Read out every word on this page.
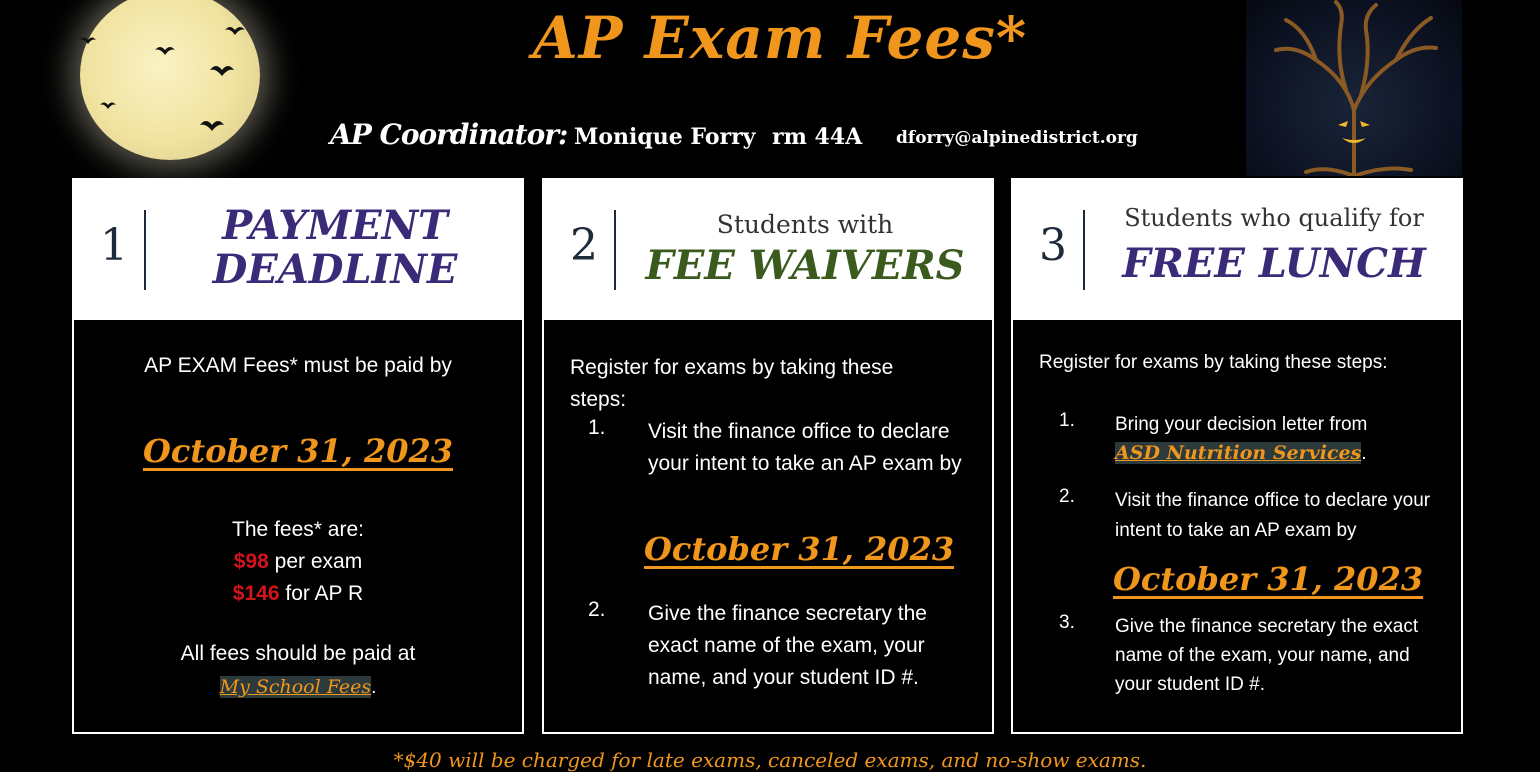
AP Exam Fees*
AP Coordinator: Monique Forry rm 44A dforry@alpinedistrict.org
1	PAYMENT
DEADLINE
AP EXAM Fees* must be paid by
October 31, 2023
The fees* are:
$98 per exam
$146 for AP R
All fees should be paid at
My School Fees.
2	Students with
FEE WAIVERS
Register for exams by taking these steps:
1. Visit the finance office to declare your intent to take an AP exam by
October 31, 2023
2. Give the finance secretary the exact name of the exam, your name, and your student ID #.
3
Students who qualify for
FREE LUNCH
Register for exams by taking these steps:
1. Bring your decision letter from
ASD Nutrition Services.
2. Visit the finance office to declare your intent to take an AP exam by
October 31, 2023
3. Give the finance secretary the exact name of the exam, your name, and your student ID #.
*$40 will be charged for late exams, canceled exams, and no-show exams.
